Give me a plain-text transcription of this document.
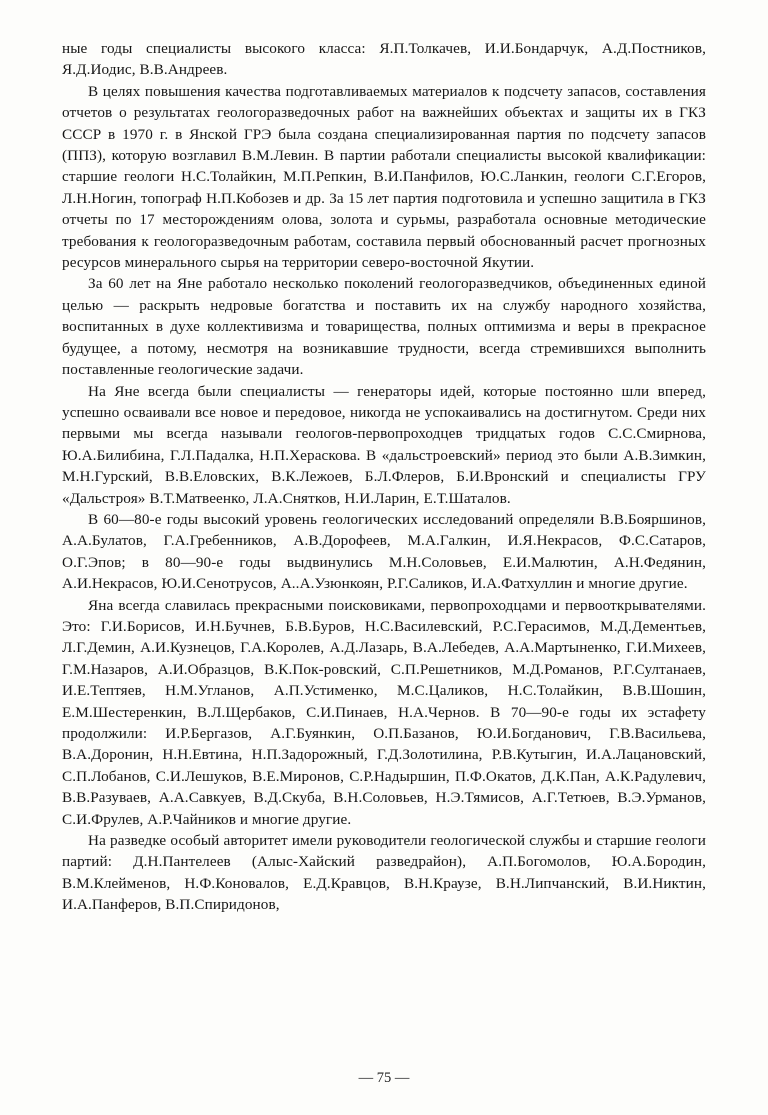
ные годы специалисты высокого класса: Я.П.Толкачев, И.И.Бондарчук, А.Д.Постников, Я.Д.Иодис, В.В.Андреев.

В целях повышения качества подготавливаемых материалов к подсчету запасов, составления отчетов о результатах геологоразведочных работ на важнейших объектах и защиты их в ГКЗ СССР в 1970 г. в Янской ГРЭ была создана специализированная партия по подсчету запасов (ППЗ), которую возглавил В.М.Левин. В партии работали специалисты высокой квалификации: старшие геологи Н.С.Толайкин, М.П.Репкин, В.И.Панфилов, Ю.С.Ланкин, геологи С.Г.Егоров, Л.Н.Ногин, топограф Н.П.Кобозев и др. За 15 лет партия подготовила и успешно защитила в ГКЗ отчеты по 17 месторождениям олова, золота и сурьмы, разработала основные методические требования к геологоразведочным работам, составила первый обоснованный расчет прогнозных ресурсов минерального сырья на территории северо-восточной Якутии.

За 60 лет на Яне работало несколько поколений геологоразведчиков, объединенных единой целью — раскрыть недровые богатства и поставить их на службу народного хозяйства, воспитанных в духе коллективизма и товарищества, полных оптимизма и веры в прекрасное будущее, а потому, несмотря на возникавшие трудности, всегда стремившихся выполнить поставленные геологические задачи.

На Яне всегда были специалисты — генераторы идей, которые постоянно шли вперед, успешно осваивали все новое и передовое, никогда не успокаивались на достигнутом. Среди них первыми мы всегда называли геологов-первопроходцев тридцатых годов С.С.Смирнова, Ю.А.Билибина, Г.Л.Падалка, Н.П.Хераскова. В «дальстроевский» период это были А.В.Зимкин, М.Н.Гурский, В.В.Еловских, В.К.Лежоев, Б.Л.Флеров, Б.И.Вронский и специалисты ГРУ «Дальстроя» В.Т.Матвеенко, Л.А.Снятков, Н.И.Ларин, Е.Т.Шаталов.

В 60—80-е годы высокий уровень геологических исследований определяли В.В.Бояршинов, А.А.Булатов, Г.А.Гребенников, А.В.Дорофеев, М.А.Галкин, И.Я.Некрасов, Ф.С.Сатаров, О.Г.Эпов; в 80—90-е годы выдвинулись М.Н.Соловьев, Е.И.Малютин, А.Н.Федянин, А.И.Некрасов, Ю.И.Сенотрусов, А..А.Узюнкоян, Р.Г.Саликов, И.А.Фатхуллин и многие другие.

Яна всегда славилась прекрасными поисковиками, первопроходцами и первооткрывателями. Это: Г.И.Борисов, И.Н.Бучнев, Б.В.Буров, Н.С.Василевский, Р.С.Герасимов, М.Д.Дементьев, Л.Г.Демин, А.И.Кузнецов, Г.А.Королев, А.Д.Лазарь, В.А.Лебедев, А.А.Мартыненко, Г.И.Михеев, Г.М.Назаров, А.И.Образцов, В.К.Пок-ровский, С.П.Решетников, М.Д.Романов, Р.Г.Султанаев, И.Е.Тептяев, Н.М.Угланов, А.П.Устименко, М.С.Цаликов, Н.С.Толайкин, В.В.Шошин, Е.М.Шестеренкин, В.Л.Щербаков, С.И.Пинаев, Н.А.Чернов. В 70—90-е годы их эстафету продолжили: И.Р.Бергазов, А.Г.Буянкин, О.П.Базанов, Ю.И.Богданович, Г.В.Васильева, В.А.Доронин, Н.Н.Евтина, Н.П.Задорожный, Г.Д.Золотилина, Р.В.Кутыгин, И.А.Лацановский, С.П.Лобанов, С.И.Лешуков, В.Е.Миронов, С.Р.Надыршин, П.Ф.Окатов, Д.К.Пан, А.К.Радулевич, В.В.Разуваев, А.А.Савкуев, В.Д.Скуба, В.Н.Соловьев, Н.Э.Тямисов, А.Г.Тетюев, В.Э.Урманов, С.И.Фрулев, А.Р.Чайников и многие другие.

На разведке особый авторитет имели руководители геологической службы и старшие геологи партий: Д.Н.Пантелеев (Алыс-Хайский разведрайон), А.П.Богомолов, Ю.А.Бородин, В.М.Клейменов, Н.Ф.Коновалов, Е.Д.Кравцов, В.Н.Краузе, В.Н.Липчанский, В.И.Никтин, И.А.Панферов, В.П.Спиридонов,

— 75 —
